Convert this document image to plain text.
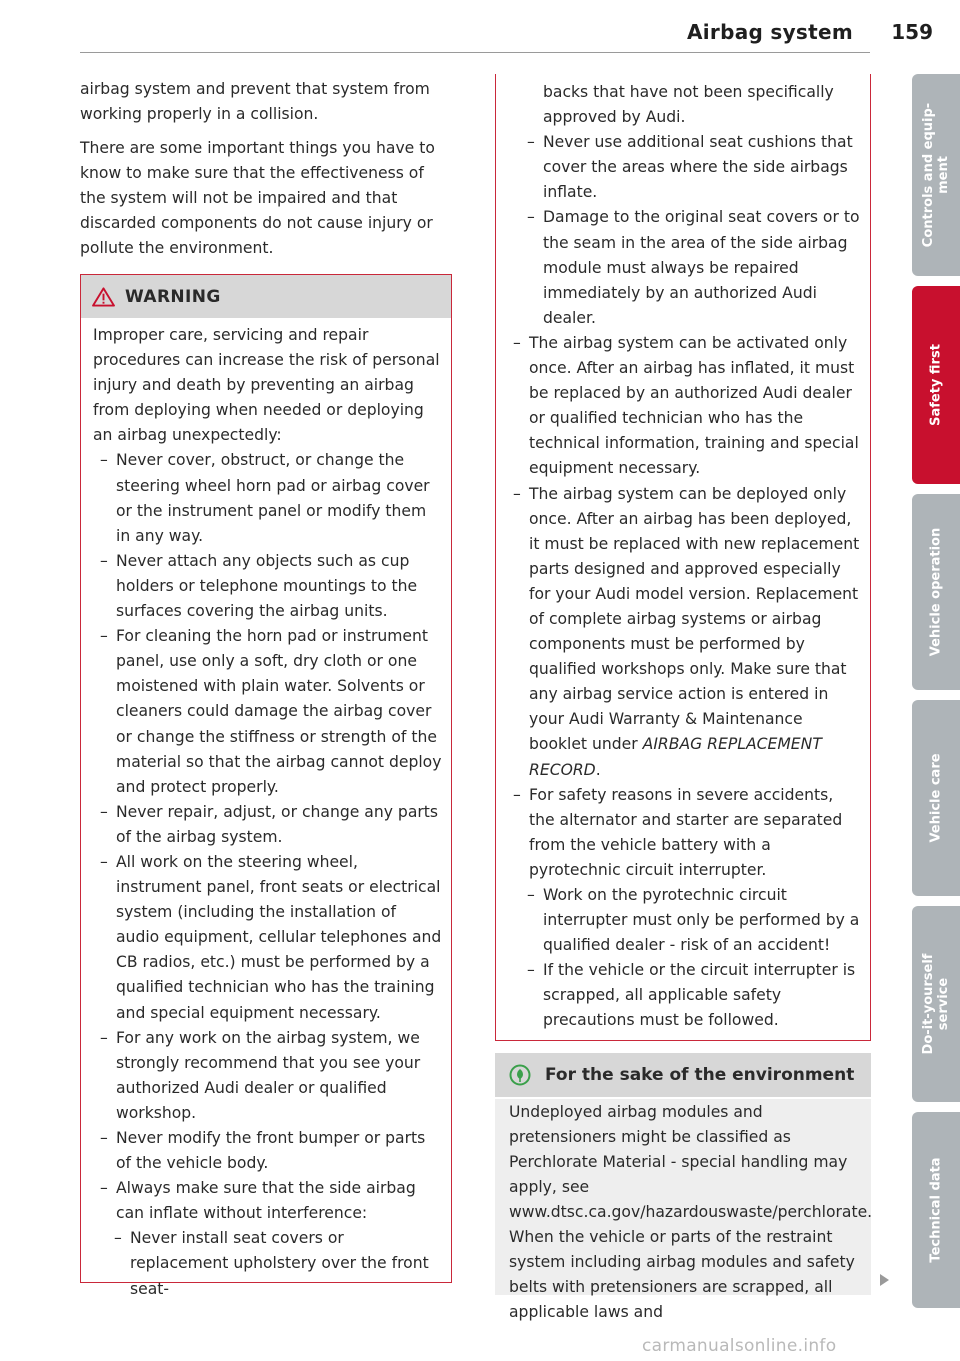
Airbag system 159

airbag system and prevent that system from working properly in a collision.

There are some important things you have to know to make sure that the effectiveness of the system will not be impaired and that discarded components do not cause injury or pollute the environment.

WARNING

Improper care, servicing and repair procedures can increase the risk of personal injury and death by preventing an airbag from deploying when needed or deploying an airbag unexpectedly:

– Never cover, obstruct, or change the steering wheel horn pad or airbag cover or the instrument panel or modify them in any way.

– Never attach any objects such as cup holders or telephone mountings to the surfaces covering the airbag units.

– For cleaning the horn pad or instrument panel, use only a soft, dry cloth or one moistened with plain water. Solvents or cleaners could damage the airbag cover or change the stiffness or strength of the material so that the airbag cannot deploy and protect properly.

– Never repair, adjust, or change any parts of the airbag system.

– All work on the steering wheel, instrument panel, front seats or electrical system (including the installation of audio equipment, cellular telephones and CB radios, etc.) must be performed by a qualified technician who has the training and special equipment necessary.

– For any work on the airbag system, we strongly recommend that you see your authorized Audi dealer or qualified workshop.

– Never modify the front bumper or parts of the vehicle body.

– Always make sure that the side airbag can inflate without interference:

– Never install seat covers or replacement upholstery over the front seat-

backs that have not been specifically approved by Audi.

– Never use additional seat cushions that cover the areas where the side airbags inflate.

– Damage to the original seat covers or to the seam in the area of the side airbag module must always be repaired immediately by an authorized Audi dealer.

– The airbag system can be activated only once. After an airbag has inflated, it must be replaced by an authorized Audi dealer or qualified technician who has the technical information, training and special equipment necessary.

– The airbag system can be deployed only once. After an airbag has been deployed, it must be replaced with new replacement parts designed and approved especially for your Audi model version. Replacement of complete airbag systems or airbag components must be performed by qualified workshops only. Make sure that any airbag service action is entered in your Audi Warranty & Maintenance booklet under AIRBAG REPLACEMENT RECORD.

– For safety reasons in severe accidents, the alternator and starter are separated from the vehicle battery with a pyrotechnic circuit interrupter.

– Work on the pyrotechnic circuit interrupter must only be performed by a qualified dealer - risk of an accident!

– If the vehicle or the circuit interrupter is scrapped, all applicable safety precautions must be followed.

For the sake of the environment

Undeployed airbag modules and pretensioners might be classified as Perchlorate Material - special handling may apply, see www.dtsc.ca.gov/hazardouswaste/perchlorate. When the vehicle or parts of the restraint system including airbag modules and safety belts with pretensioners are scrapped, all applicable laws and

Controls and equip- ment
Safety first
Vehicle operation
Vehicle care
Do-it-yourself service
Technical data
carmanualsonline.info
